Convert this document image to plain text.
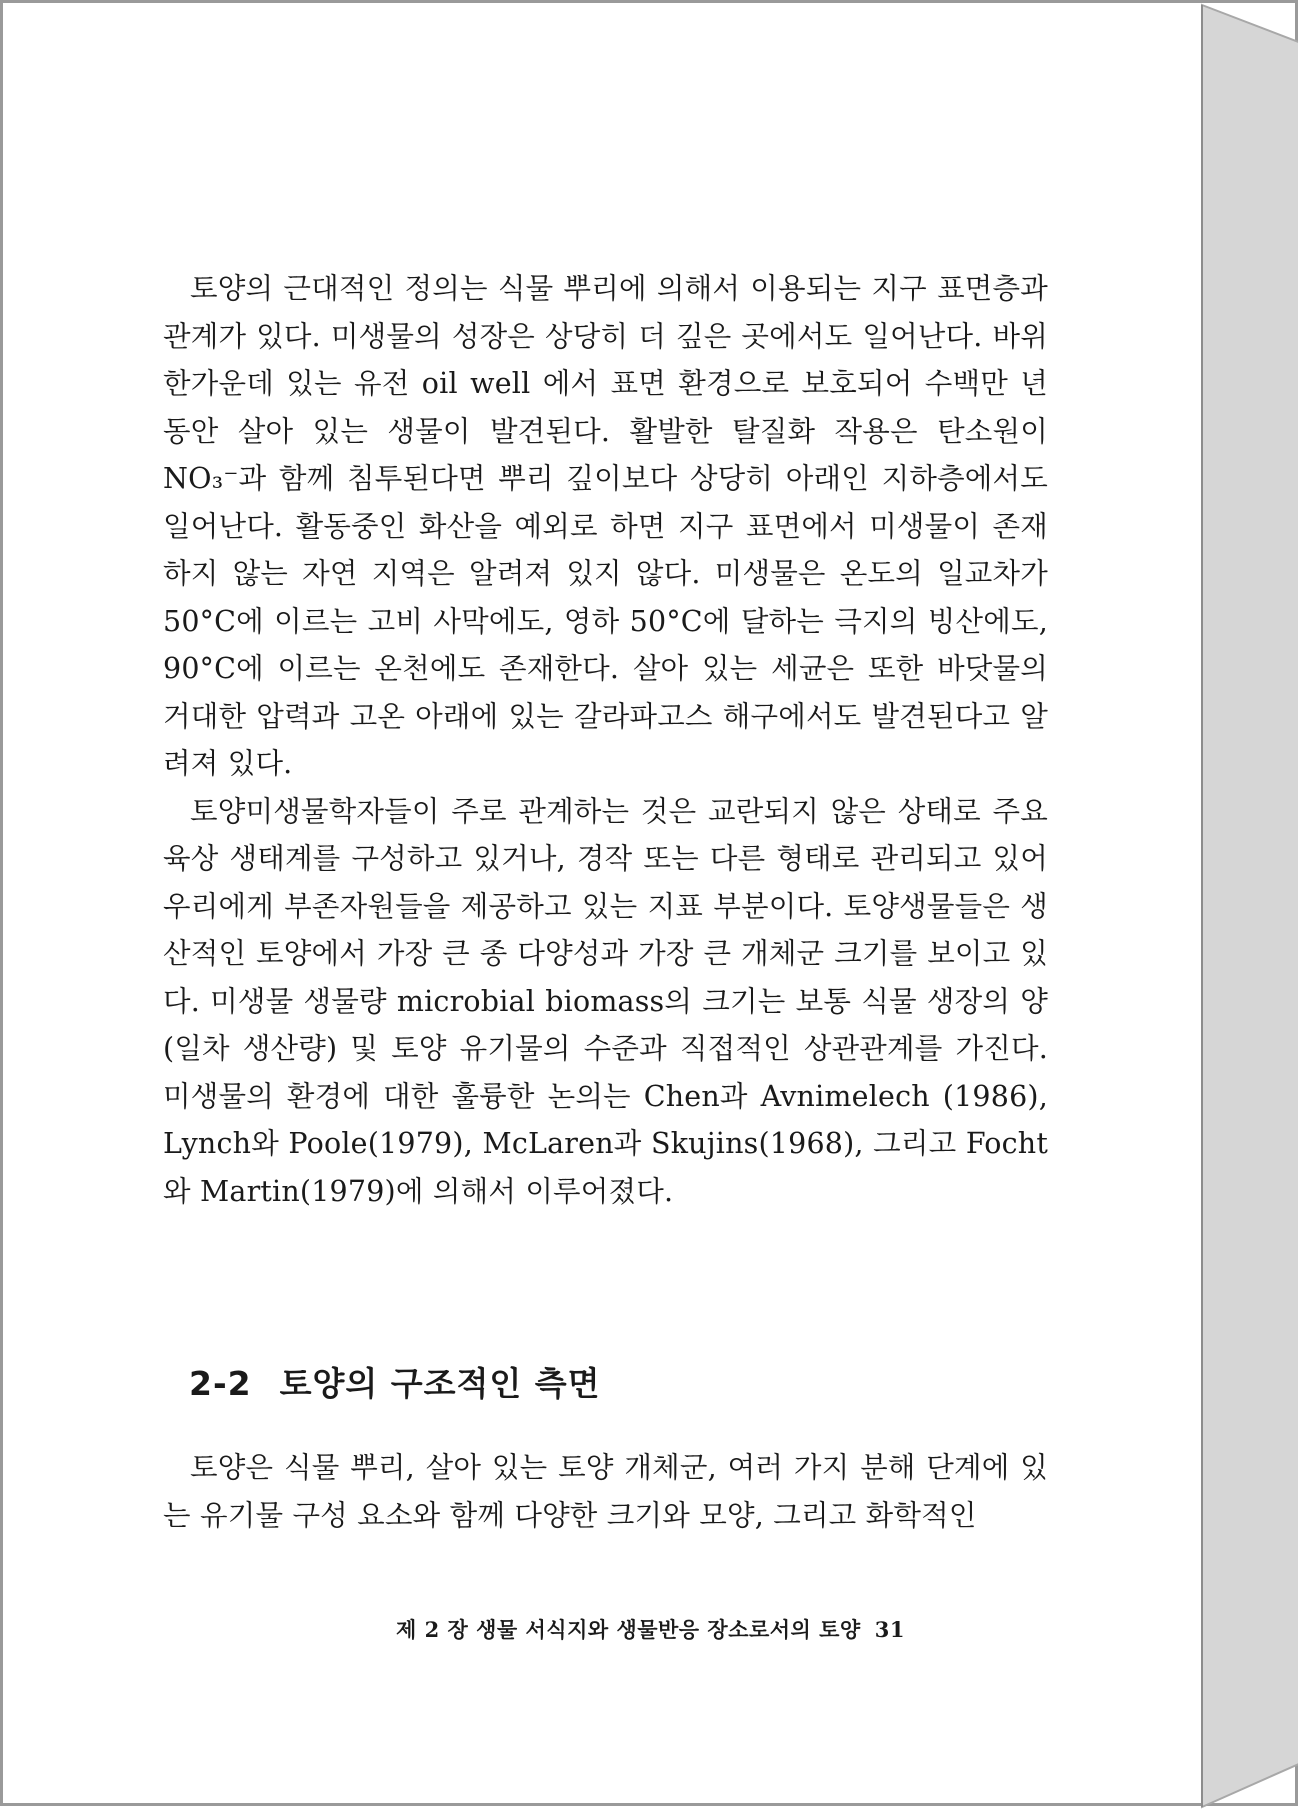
토양의 근대적인 정의는 식물 뿌리에 의해서 이용되는 지구 표면층과 관계가 있다. 미생물의 성장은 상당히 더 깊은 곳에서도 일어난다. 바위 한가운데 있는 유전 oil well 에서 표면 환경으로 보호되어 수백만 년 동안 살아 있는 생물이 발견된다. 활발한 탈질화 작용은 탄소원이 NO₃⁻과 함께 침투된다면 뿌리 깊이보다 상당히 아래인 지하층에서도 일어난다. 활동중인 화산을 예외로 하면 지구 표면에서 미생물이 존재하지 않는 자연 지역은 알려져 있지 않다. 미생물은 온도의 일교차가 50°C에 이르는 고비 사막에도, 영하 50°C에 달하는 극지의 빙산에도, 90°C에 이르는 온천에도 존재한다. 살아 있는 세균은 또한 바닷물의 거대한 압력과 고온 아래에 있는 갈라파고스 해구에서도 발견된다고 알려져 있다.

토양미생물학자들이 주로 관계하는 것은 교란되지 않은 상태로 주요 육상 생태계를 구성하고 있거나, 경작 또는 다른 형태로 관리되고 있어 우리에게 부존자원들을 제공하고 있는 지표 부분이다. 토양생물들은 생산적인 토양에서 가장 큰 종 다양성과 가장 큰 개체군 크기를 보이고 있다. 미생물 생물량 microbial biomass의 크기는 보통 식물 생장의 양(일차 생산량) 및 토양 유기물의 수준과 직접적인 상관관계를 가진다. 미생물의 환경에 대한 훌륭한 논의는 Chen과 Avnimelech (1986), Lynch와 Poole(1979), McLaren과 Skujins(1968), 그리고 Focht와 Martin(1979)에 의해서 이루어졌다.

2-2 토양의 구조적인 측면

토양은 식물 뿌리, 살아 있는 토양 개체군, 여러 가지 분해 단계에 있는 유기물 구성 요소와 함께 다양한 크기와 모양, 그리고 화학적인

제 2 장 생물 서식지와 생물반응 장소로서의 토양 31
